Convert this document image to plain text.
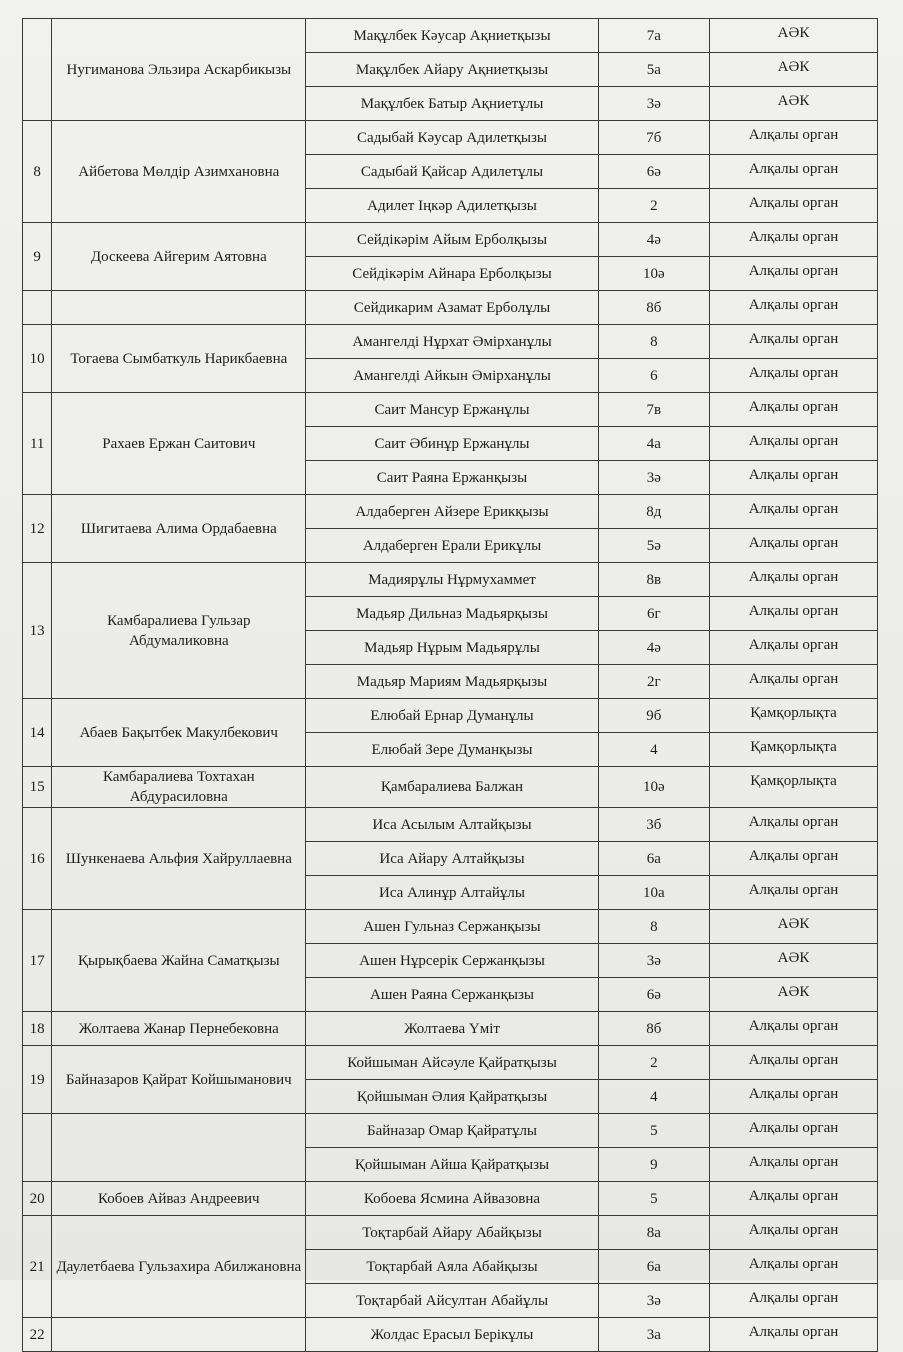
	Нугиманова Эльзира Аскарбикызы	Мақұлбек Кәусар Ақниетқызы	7а	АӘК
		Мақұлбек Айару Ақниетқызы	5а	АӘК
		Мақұлбек Батыр Ақниетұлы	3ә	АӘК
8	Айбетова Мөлдір Азимхановна	Садыбай Кәусар Адилетқызы	7б	Алқалы орган
		Садыбай Қайсар Адилетұлы	6ә	Алқалы орган
		Адилет Іңкәр Адилетқызы	2	Алқалы орган
9	Доскеева Айгерим Аятовна	Сейдікәрім Айым Ерболқызы	4ә	Алқалы орган
		Сейдікәрім Айнара Ерболқызы	10ә	Алқалы орган
		Сейдикарим Азамат Ерболұлы	8б	Алқалы орган
10	Тогаева Сымбаткуль Нарикбаевна	Амангелді Нұрхат Әмірханұлы	8	Алқалы орган
		Амангелді Айкын Әмірханұлы	6	Алқалы орган
11	Рахаев Ержан Саитович	Саит Мансур Ержанұлы	7в	Алқалы орган
		Саит Әбинұр Ержанұлы	4а	Алқалы орган
		Саит Раяна Ержанқызы	3ә	Алқалы орган
12	Шигитаева Алима Ордабаевна	Алдаберген Айзере Ерикқызы	8д	Алқалы орган
		Алдаберген Ерали Ерикұлы	5ә	Алқалы орган
13	Камбаралиева Гульзар Абдумаликовна	Мадиярұлы Нұрмухаммет	8в	Алқалы орган
		Мадьяр Дильназ Мадьярқызы	6г	Алқалы орган
		Мадьяр Нұрым Мадьярұлы	4ә	Алқалы орган
		Мадьяр Мариям Мадьярқызы	2г	Алқалы орган
14	Абаев Бақытбек Макулбекович	Елюбай Ернар Думанұлы	9б	Қамқорлықта
		Елюбай Зере Думанқызы	4	Қамқорлықта
15	Камбаралиева Тохтахан Абдурасиловна	Қамбаралиева Балжан	10ә	Қамқорлықта
16	Шункенаева Альфия Хайруллаевна	Иса Асылым Алтайқызы	3б	Алқалы орган
		Иса Айару Алтайқызы	6а	Алқалы орган
		Иса Алинұр Алтайұлы	10а	Алқалы орган
17	Қырықбаева Жайна Саматқызы	Ашен Гульназ Сержанқызы	8	АӘК
		Ашен Нұрсерік Сержанқызы	3ә	АӘК
		Ашен Раяна Сержанқызы	6ә	АӘК
18	Жолтаева Жанар Пернебековна	Жолтаева Үміт	8б	Алқалы орган
19	Байназаров Қайрат Койшыманович	Койшыман Айсәуле Қайратқызы	2	Алқалы орган
		Қойшыман Әлия Қайратқызы	4	Алқалы орган
		Байназар Омар Қайратұлы	5	Алқалы орган
		Қойшыман Айша Қайратқызы	9	Алқалы орган
20	Кобоев Айваз Андреевич	Кобоева Ясмина Айвазовна	5	Алқалы орган
21	Даулетбаева Гульзахира Абилжановна	Тоқтарбай Айару Абайқызы	8а	Алқалы орган
		Тоқтарбай Аяла Абайқызы	6а	Алқалы орган
		Тоқтарбай Айсултан Абайұлы	3ә	Алқалы орган
22		Жолдас Ерасыл Берікұлы	3а	Алқалы орган
